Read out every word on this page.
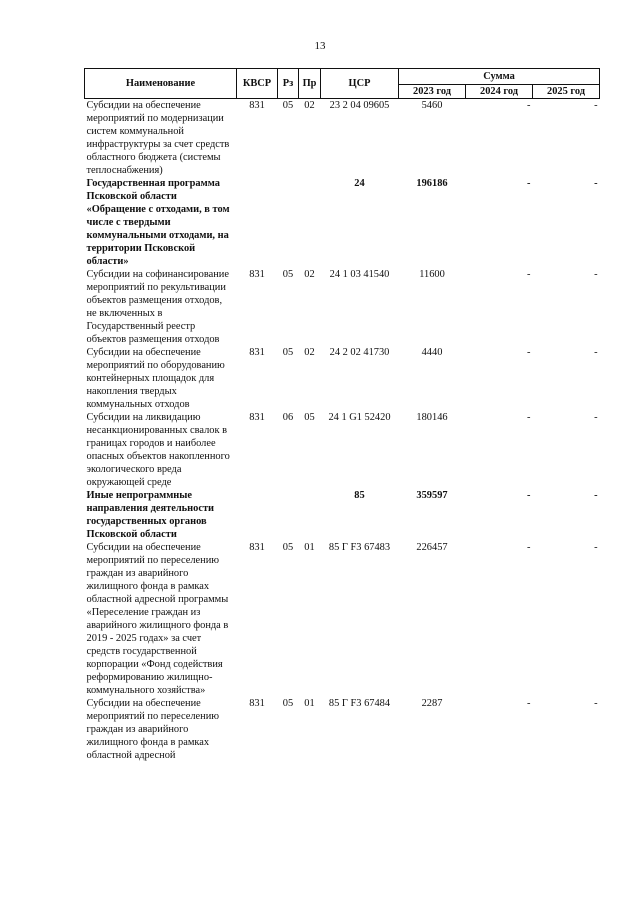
13
Наименование	КВСР	Рз	Пр	ЦСР	Сумма		
					2023 год	2024 год	2025 год
Субсидии на обеспечение мероприятий по модернизации систем коммунальной инфраструктуры за счет средств областного бюджета (системы теплоснабжения)	831	05	02	23 2 04 09605	5460	-	-
Государственная программа Псковской области «Обращение с отходами, в том числе с твердыми коммунальными отходами, на территории Псковской области»				24	196186	-	-
Субсидии на софинансирование мероприятий по рекультивации объектов размещения отходов, не включенных в Государственный реестр объектов размещения отходов	831	05	02	24 1 03 41540	11600	-	-
Субсидии на обеспечение мероприятий по оборудованию контейнерных площадок для накопления твердых коммунальных отходов	831	05	02	24 2 02 41730	4440	-	-
Субсидии на ликвидацию несанкционированных свалок в границах городов и наиболее опасных объектов накопленного экологического вреда окружающей среде	831	06	05	24 1 G1 52420	180146	-	-
Иные непрограммные направления деятельности государственных органов Псковской области				85	359597	-	-
Субсидии на обеспечение мероприятий по переселению граждан из аварийного жилищного фонда в рамках областной адресной программы «Переселение граждан из аварийного жилищного фонда в 2019 - 2025 годах» за счет средств государственной корпорации «Фонд содействия реформированию жилищно-коммунального хозяйства»	831	05	01	85 Г F3 67483	226457	-	-
Субсидии на обеспечение мероприятий по переселению граждан из аварийного жилищного фонда в рамках областной адресной	831	05	01	85 Г F3 67484	2287	-	-
